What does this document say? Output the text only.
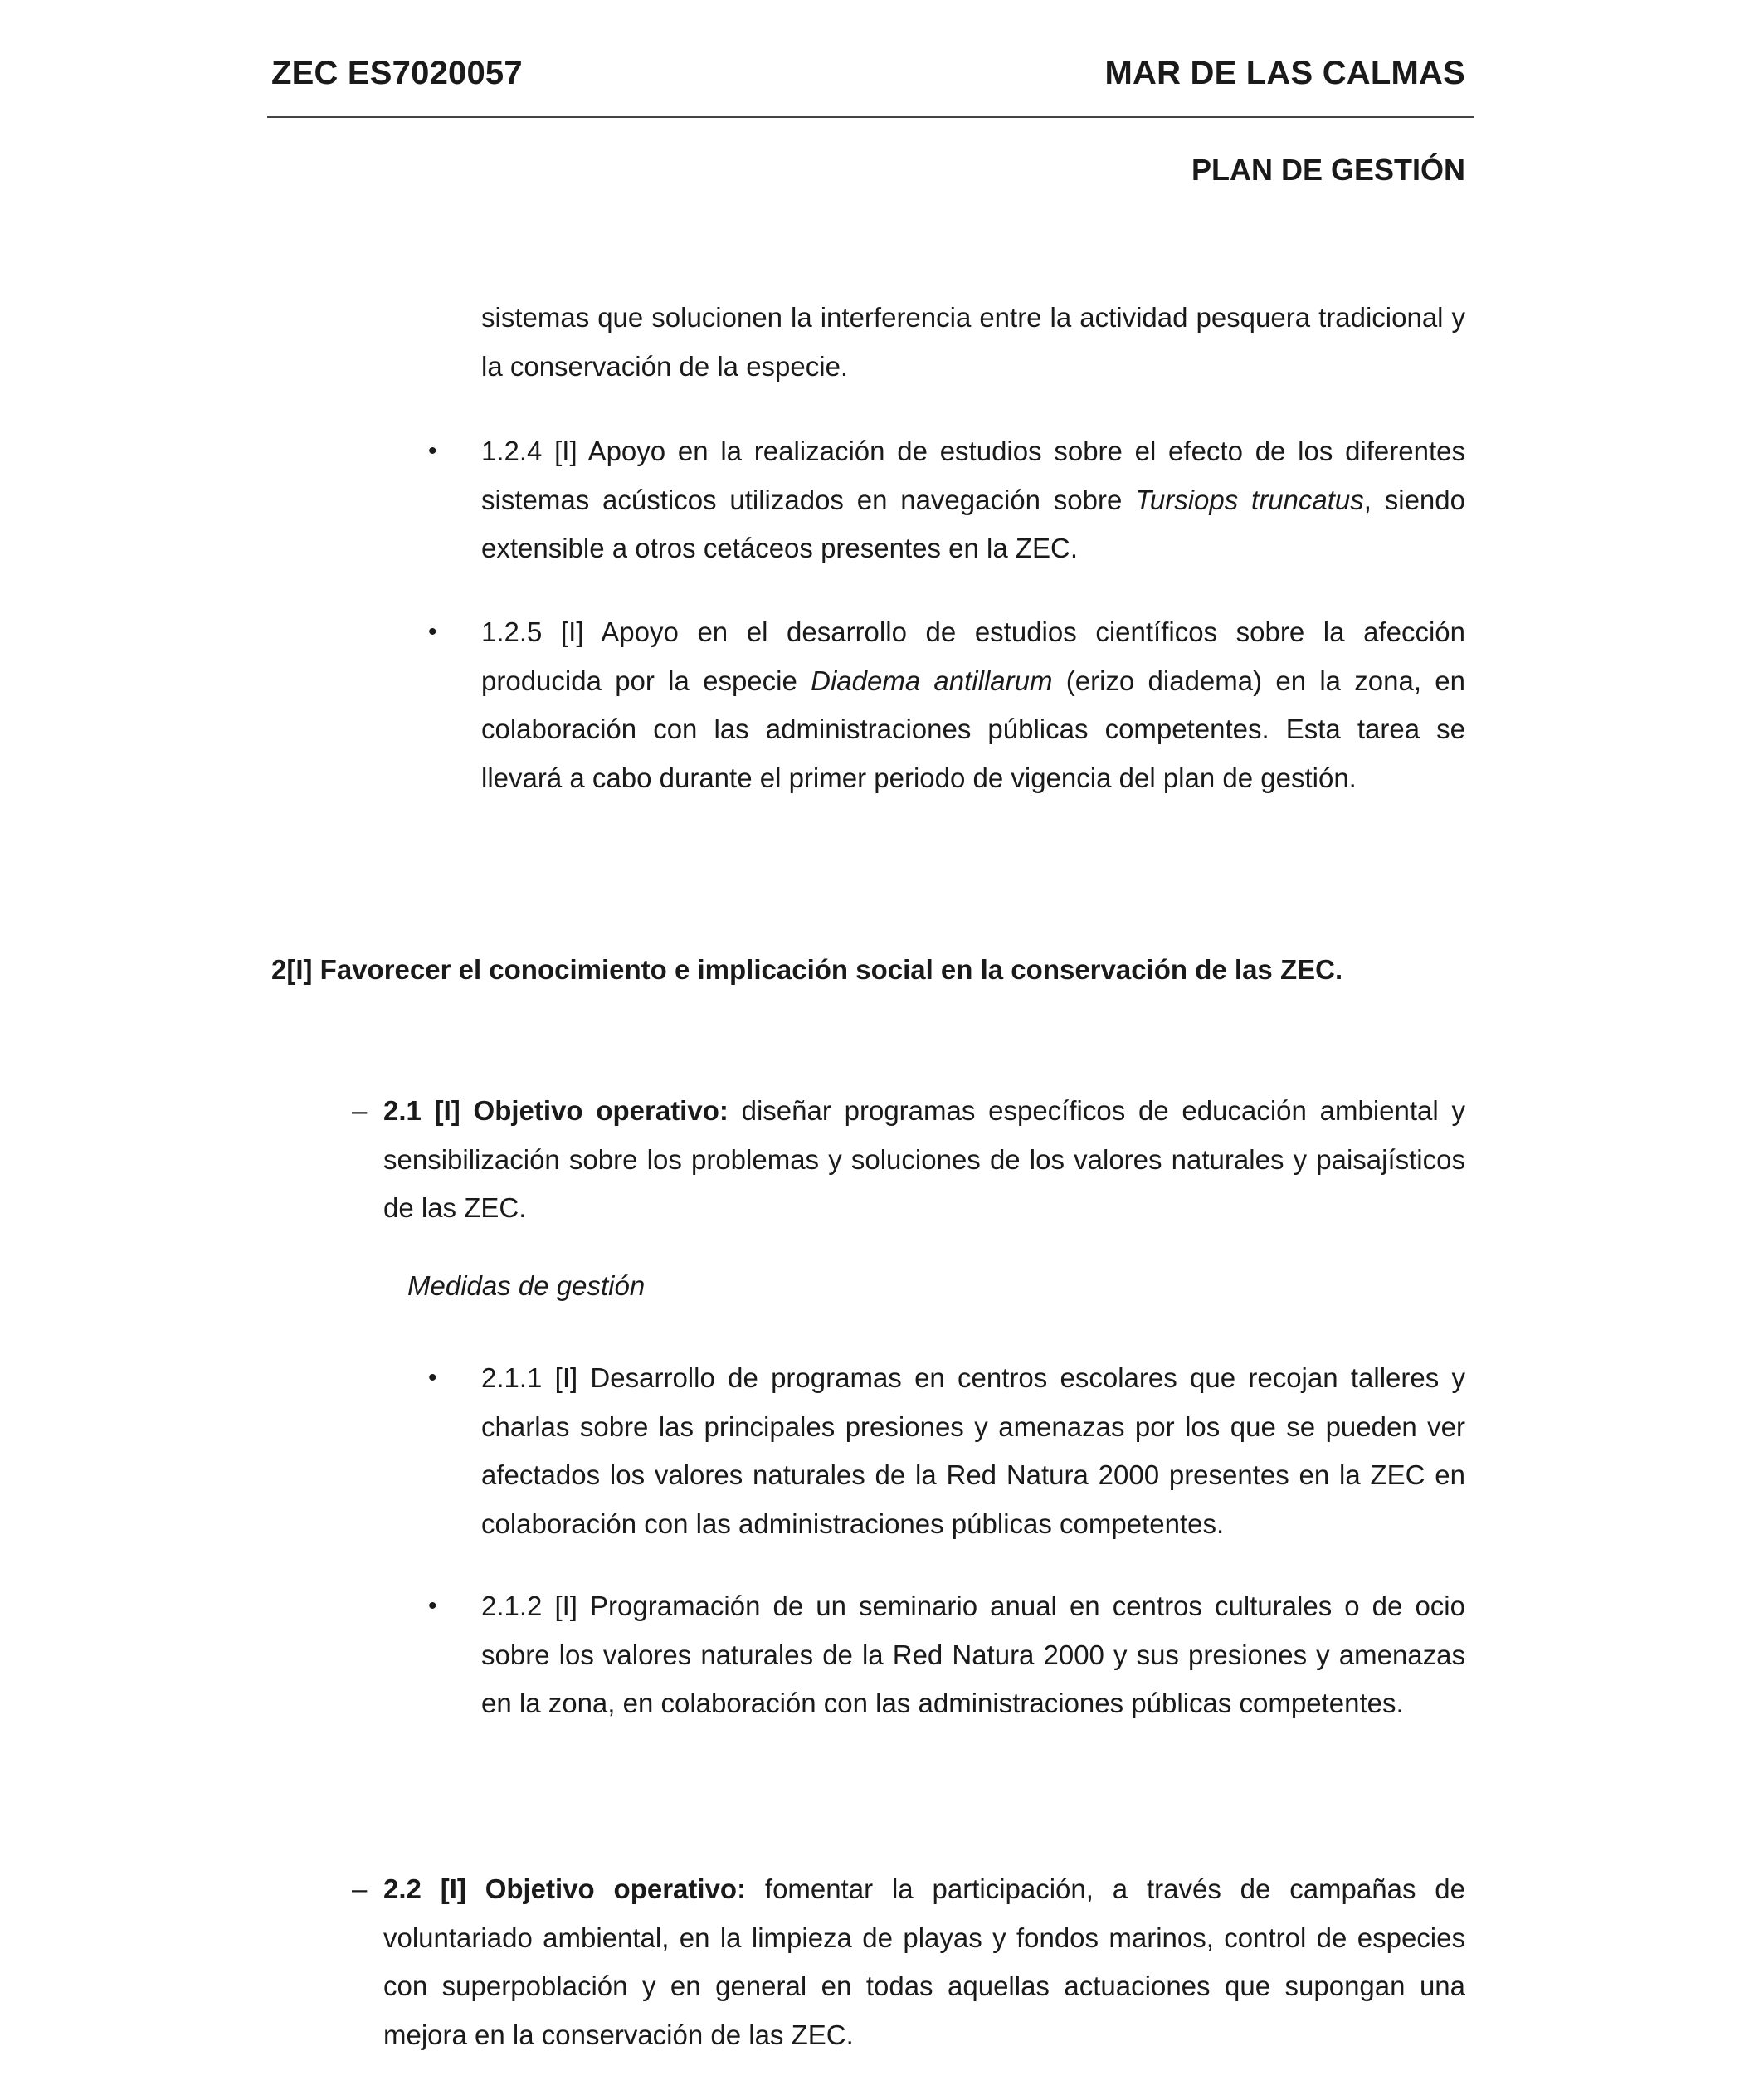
ZEC ES7020057	MAR DE LAS CALMAS
PLAN DE GESTIÓN

sistemas que solucionen la interferencia entre la actividad pesquera tradicional y la conservación de la especie.

• 1.2.4 [I] Apoyo en la realización de estudios sobre el efecto de los diferentes sistemas acústicos utilizados en navegación sobre Tursiops truncatus, siendo extensible a otros cetáceos presentes en la ZEC.

• 1.2.5 [I] Apoyo en el desarrollo de estudios científicos sobre la afección producida por la especie Diadema antillarum (erizo diadema) en la zona, en colaboración con las administraciones públicas competentes. Esta tarea se llevará a cabo durante el primer periodo de vigencia del plan de gestión.

2[I] Favorecer el conocimiento e implicación social en la conservación de las ZEC.

– 2.1 [I] Objetivo operativo: diseñar programas específicos de educación ambiental y sensibilización sobre los problemas y soluciones de los valores naturales y paisajísticos de las ZEC.

Medidas de gestión

• 2.1.1 [I] Desarrollo de programas en centros escolares que recojan talleres y charlas sobre las principales presiones y amenazas por los que se pueden ver afectados los valores naturales de la Red Natura 2000 presentes en la ZEC en colaboración con las administraciones públicas competentes.

• 2.1.2 [I] Programación de un seminario anual en centros culturales o de ocio sobre los valores naturales de la Red Natura 2000 y sus presiones y amenazas en la zona, en colaboración con las administraciones públicas competentes.

– 2.2 [I] Objetivo operativo: fomentar la participación, a través de campañas de voluntariado ambiental, en la limpieza de playas y fondos marinos, control de especies con superpoblación y en general en todas aquellas actuaciones que supongan una mejora en la conservación de las ZEC.
